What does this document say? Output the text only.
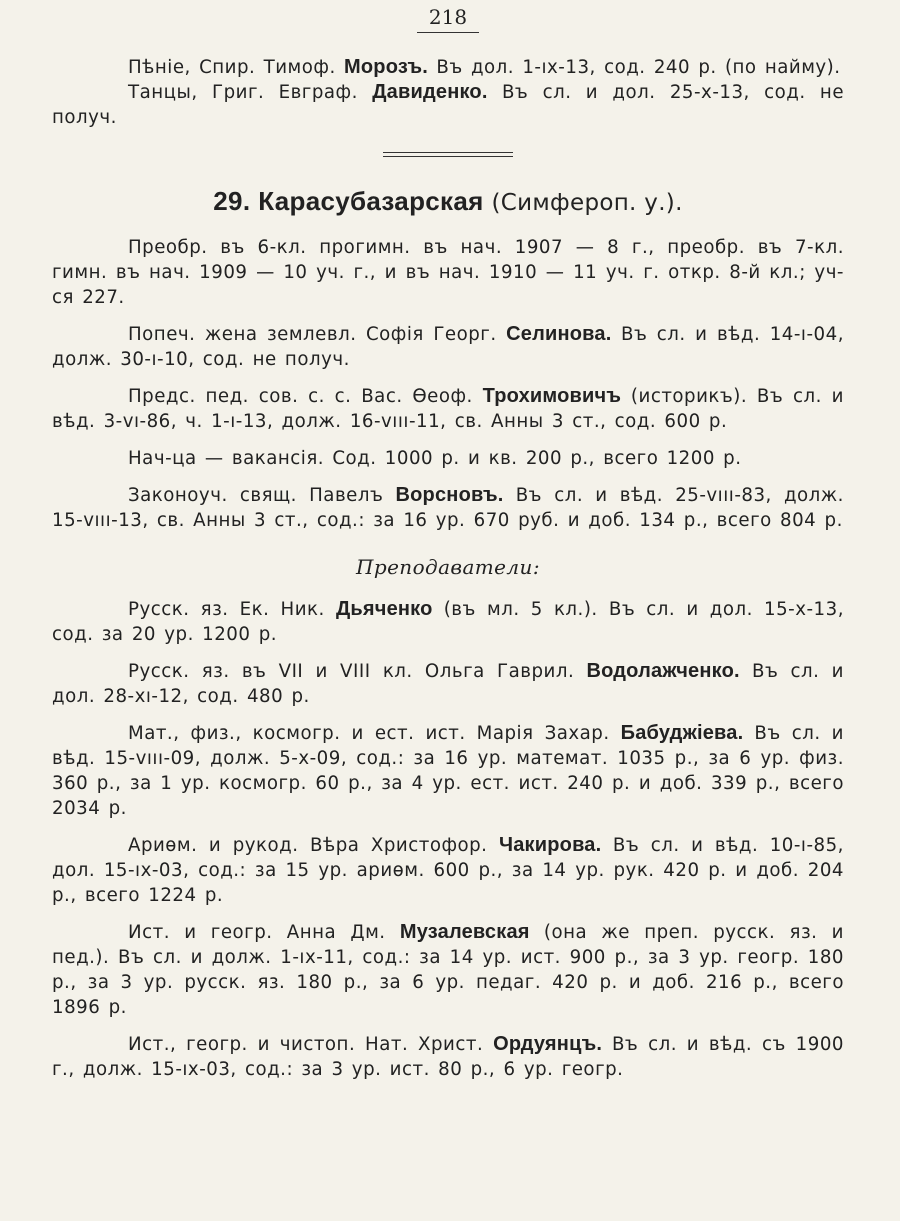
218

Пѣніе, Спир. Тимоф. Морозъ. Въ дол. 1-ıх-13, сод. 240 р. (по найму).

Танцы, Григ. Евграф. Давиденко. Въ сл. и дол. 25-х-13, сод. не получ.

29. Карасубазарская (Симфероп. у.).

Преобр. въ 6-кл. прогимн. въ нач. 1907 — 8 г., преобр. въ 7-кл. гимн. въ нач. 1909 — 10 уч. г., и въ нач. 1910 — 11 уч. г. откр. 8-й кл.; уч-ся 227.

Попеч. жена землевл. Софія Георг. Селинова. Въ сл. и вѣд. 14-ı-04, долж. 30-ı-10, сод. не получ.

Предс. пед. сов. с. с. Вас. Ѳеоф. Трохимовичъ (историкъ). Въ сл. и вѣд. 3-vı-86, ч. 1-ı-13, долж. 16-vııı-11, св. Анны 3 ст., сод. 600 р.

Нач-ца — вакансія. Сод. 1000 р. и кв. 200 р., всего 1200 р.

Законоуч. свящ. Павелъ Ворсновъ. Въ сл. и вѣд. 25-vııı-83, долж. 15-vııı-13, св. Анны 3 ст., сод.: за 16 ур. 670 руб. и доб. 134 р., всего 804 р.

Преподаватели:

Русск. яз. Ек. Ник. Дьяченко (въ мл. 5 кл.). Въ сл. и дол. 15-х-13, сод. за 20 ур. 1200 р.

Русск. яз. въ VII и VIII кл. Ольга Гаврил. Водолажченко. Въ сл. и дол. 28-хı-12, сод. 480 р.

Мат., физ., космогр. и ест. ист. Марія Захар. Бабуджіева. Въ сл. и вѣд. 15-vııı-09, долж. 5-х-09, сод.: за 16 ур. математ. 1035 р., за 6 ур. физ. 360 р., за 1 ур. космогр. 60 р., за 4 ур. ест. ист. 240 р. и доб. 339 р., всего 2034 р.

Ариѳм. и рукод. Вѣра Христофор. Чакирова. Въ сл. и вѣд. 10-ı-85, дол. 15-ıх-03, сод.: за 15 ур. ариѳм. 600 р., за 14 ур. рук. 420 р. и доб. 204 р., всего 1224 р.

Ист. и геогр. Анна Дм. Музалевская (она же преп. русск. яз. и пед.). Въ сл. и долж. 1-ıх-11, сод.: за 14 ур. ист. 900 р., за 3 ур. геогр. 180 р., за 3 ур. русск. яз. 180 р., за 6 ур. педаг. 420 р. и доб. 216 р., всего 1896 р.

Ист., геогр. и чистоп. Нат. Христ. Ордуянцъ. Въ сл. и вѣд. съ 1900 г., долж. 15-ıх-03, сод.: за 3 ур. ист. 80 р., 6 ур. геогр.
